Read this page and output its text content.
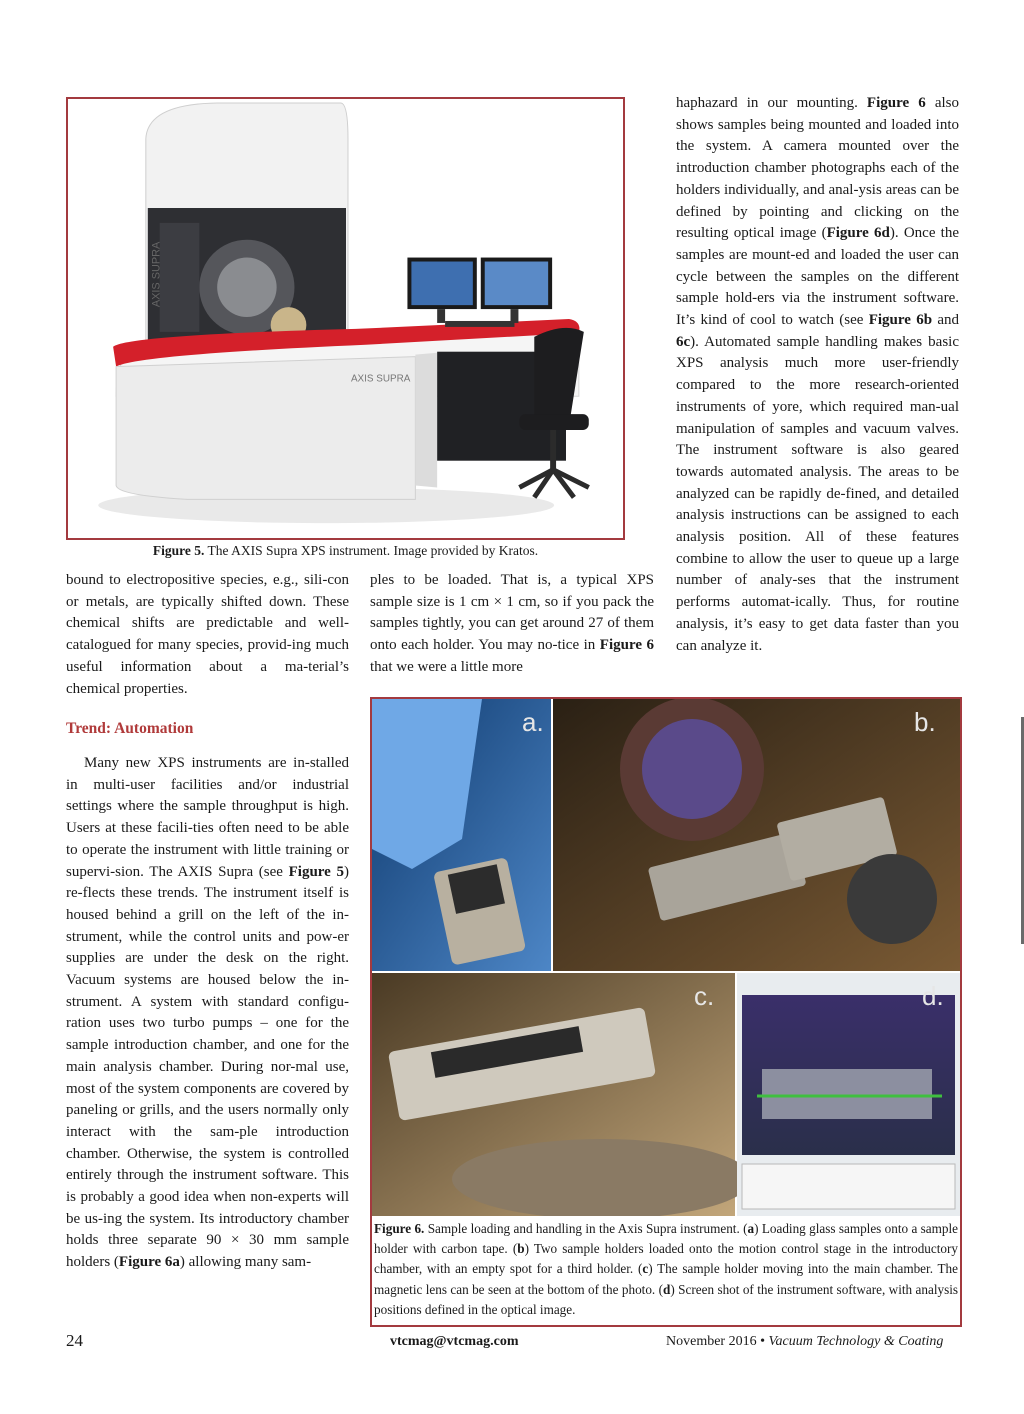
AXIS SUPRA
AXIS SUPRA
Figure 5. The AXIS Supra XPS instrument. Image provided by Kratos.

bound to electropositive species, e.g., sili-con or metals, are typically shifted down. These chemical shifts are predictable and well-catalogued for many species, provid-ing much useful information about a ma-terial’s chemical properties.

ples to be loaded. That is, a typical XPS sample size is 1 cm × 1 cm, so if you pack the samples tightly, you can get around 27 of them onto each holder. You may no-tice in Figure 6 that we were a little more

haphazard in our mounting. Figure 6 also shows samples being mounted and loaded into the system. A camera mounted over the introduction chamber photographs each of the holders individually, and anal-ysis areas can be defined by pointing and clicking on the resulting optical image (Figure 6d). Once the samples are mount-ed and loaded the user can cycle between the samples on the different sample hold-ers via the instrument software. It’s kind of cool to watch (see Figure 6b and 6c). Automated sample handling makes basic XPS analysis much more user-friendly compared to the more research-oriented instruments of yore, which required man-ual manipulation of samples and vacuum valves. The instrument software is also geared towards automated analysis. The areas to be analyzed can be rapidly de-fined, and detailed analysis instructions can be assigned to each analysis position. All of these features combine to allow the user to queue up a large number of analy-ses that the instrument performs automat-ically. Thus, for routine analysis, it’s easy to get data faster than you can analyze it.

Trend: Automation

Many new XPS instruments are in-stalled in multi-user facilities and/or industrial settings where the sample throughput is high. Users at these facili-ties often need to be able to operate the instrument with little training or supervi-sion. The AXIS Supra (see Figure 5) re-flects these trends. The instrument itself is housed behind a grill on the left of the in-strument, while the control units and pow-er supplies are under the desk on the right. Vacuum systems are housed below the in-strument. A system with standard configu-ration uses two turbo pumps – one for the sample introduction chamber, and one for the main analysis chamber. During nor-mal use, most of the system components are covered by paneling or grills, and the users normally only interact with the sam-ple introduction chamber. Otherwise, the system is controlled entirely through the instrument software. This is probably a good idea when non-experts will be us-ing the system. Its introductory chamber holds three separate 90 × 30 mm sample holders (Figure 6a) allowing many sam-

a.	b.
c.	d.
Figure 6. Sample loading and handling in the Axis Supra instrument. (a) Loading glass samples onto a sample holder with carbon tape. (b) Two sample holders loaded onto the motion control stage in the introductory chamber, with an empty spot for a third holder. (c) The sample holder moving into the main chamber. The magnetic lens can be seen at the bottom of the photo. (d) Screen shot of the instrument software, with analysis positions defined in the optical image.
24	vtcmag@vtcmag.com	November 2016 • Vacuum Technology & Coating
